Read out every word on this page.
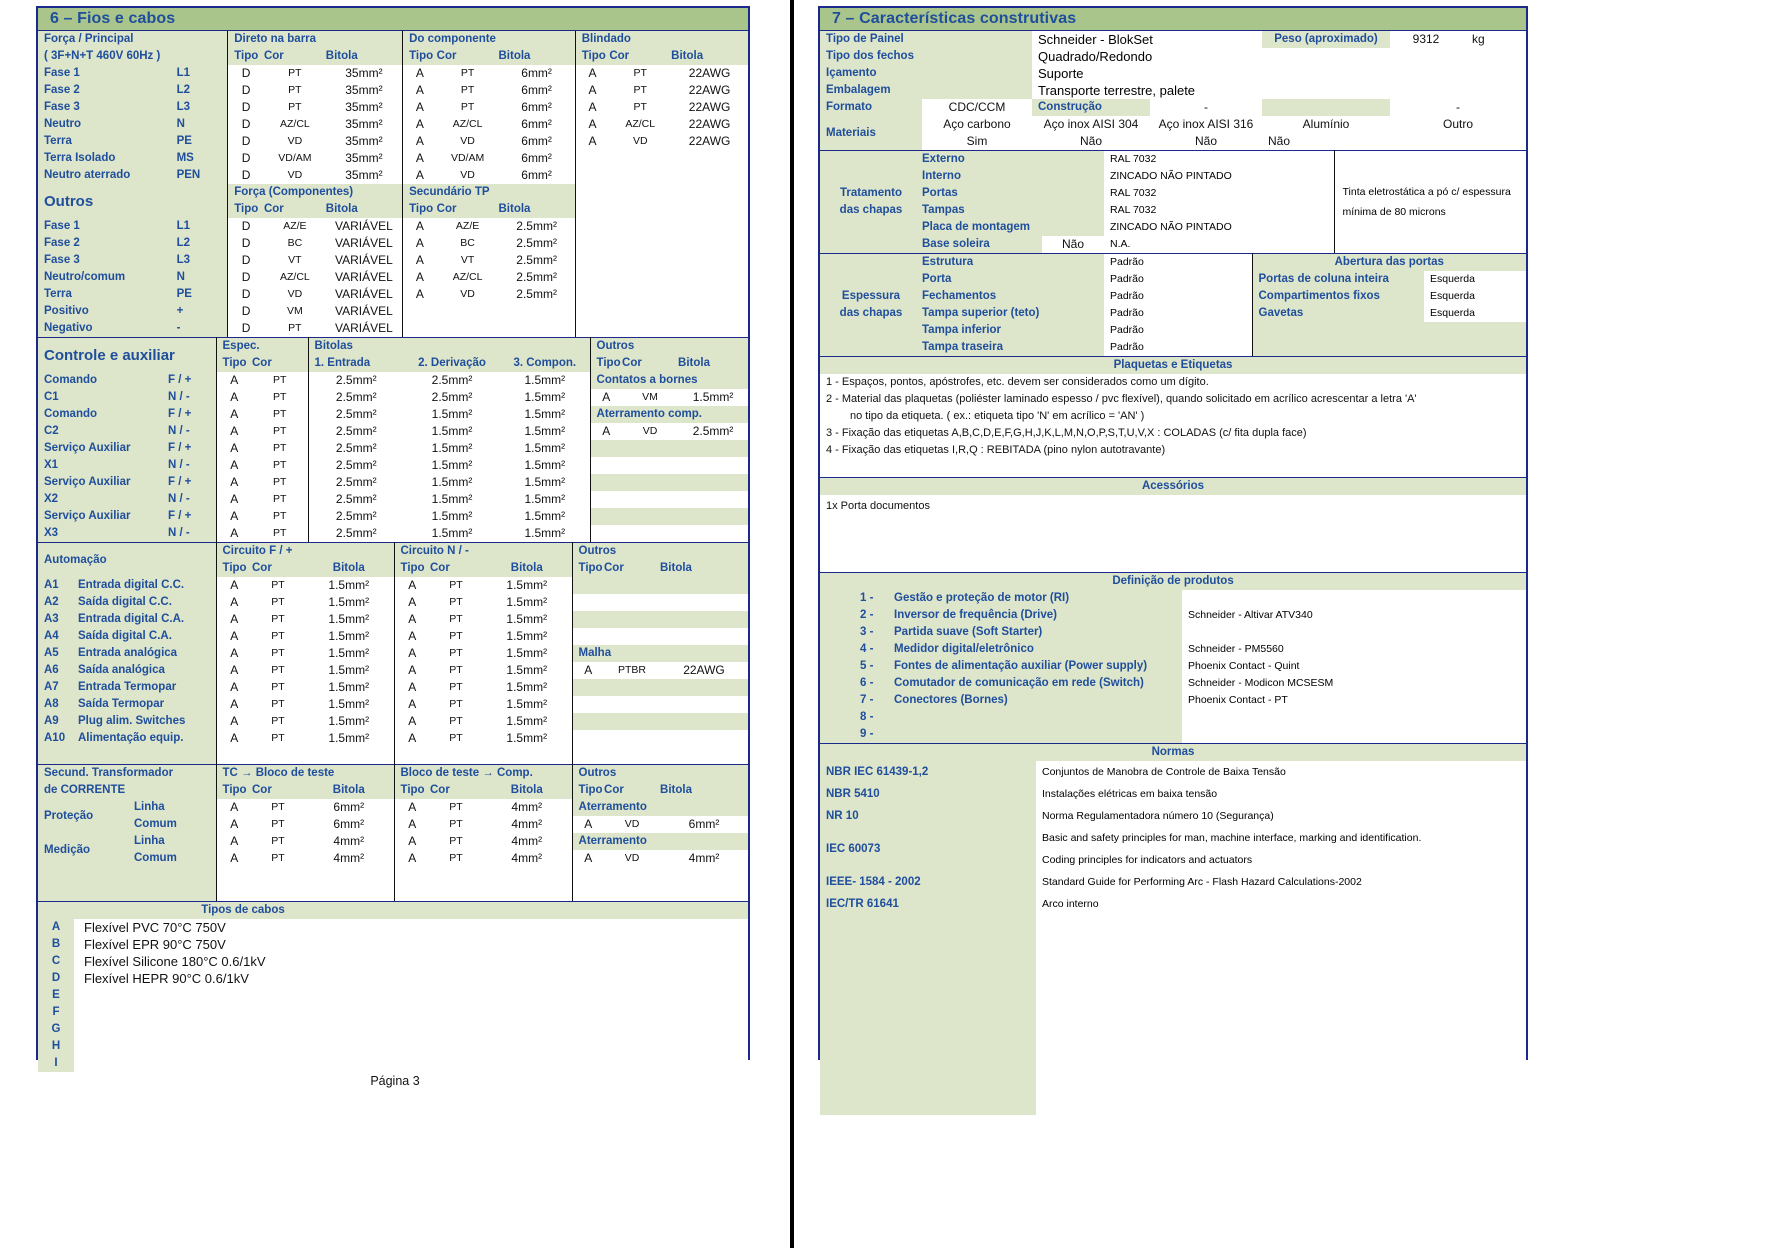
6 – Fios e cabos
Força / Principal		Direto na barra			Do componente			Blindado		
( 3F+N+T 460V 60Hz )		Tipo	Cor	Bitola	Tipo	Cor	Bitola	Tipo	Cor	Bitola
Fase 1	L1	D	PT	35mm²	A	PT	6mm²	A	PT	22AWG
Fase 2	L2	D	PT	35mm²	A	PT	6mm²	A	PT	22AWG
Fase 3	L3	D	PT	35mm²	A	PT	6mm²	A	PT	22AWG
Neutro	N	D	AZ/CL	35mm²	A	AZ/CL	6mm²	A	AZ/CL	22AWG
Terra	PE	D	VD	35mm²	A	VD	6mm²	A	VD	22AWG
Terra Isolado	MS	D	VD/AM	35mm²	A	VD/AM	6mm²			
Neutro aterrado	PEN	D	VD	35mm²	A	VD	6mm²			
Outros		Força (Componentes)			Secundário TP			
		Tipo	Cor	Bitola	Tipo	Cor	Bitola	
Fase 1	L1	D	AZ/E	VARIÁVEL	A	AZ/E	2.5mm²	
Fase 2	L2	D	BC	VARIÁVEL	A	BC	2.5mm²	
Fase 3	L3	D	VT	VARIÁVEL	A	VT	2.5mm²	
Neutro/comum	N	D	AZ/CL	VARIÁVEL	A	AZ/CL	2.5mm²	
Terra	PE	D	VD	VARIÁVEL	A	VD	2.5mm²	
Positivo	+	D	VM	VARIÁVEL				
Negativo	-	D	PT	VARIÁVEL				
Controle e auxiliar		Espec.		Bitolas			Outros		
		Tipo	Cor	1. Entrada	2. Derivação	3. Compon.	Tipo	Cor	Bitola
Comando	F / +	A	PT	2.5mm²	2.5mm²	1.5mm²	Contatos a bornes		
C1	N / -	A	PT	2.5mm²	2.5mm²	1.5mm²	A	VM	1.5mm²
Comando	F / +	A	PT	2.5mm²	1.5mm²	1.5mm²	Aterramento comp.		
C2	N / -	A	PT	2.5mm²	1.5mm²	1.5mm²	A	VD	2.5mm²
Serviço Auxiliar	F / +	A	PT	2.5mm²	1.5mm²	1.5mm²			
X1	N / -	A	PT	2.5mm²	1.5mm²	1.5mm²			
Serviço Auxiliar	F / +	A	PT	2.5mm²	1.5mm²	1.5mm²			
X2	N / -	A	PT	2.5mm²	1.5mm²	1.5mm²			
Serviço Auxiliar	F / +	A	PT	2.5mm²	1.5mm²	1.5mm²			
X3	N / -	A	PT	2.5mm²	1.5mm²	1.5mm²			
Automação		Circuito F / +			Circuito N / -			Outros		
		Tipo	Cor	Bitola	Tipo	Cor	Bitola	Tipo	Cor	Bitola
A1	Entrada digital C.C.	A	PT	1.5mm²	A	PT	1.5mm²			
A2	Saída digital C.C.	A	PT	1.5mm²	A	PT	1.5mm²			
A3	Entrada digital C.A.	A	PT	1.5mm²	A	PT	1.5mm²			
A4	Saída digital C.A.	A	PT	1.5mm²	A	PT	1.5mm²			
A5	Entrada analógica	A	PT	1.5mm²	A	PT	1.5mm²	Malha		
A6	Saída analógica	A	PT	1.5mm²	A	PT	1.5mm²	A	PTBR	22AWG
A7	Entrada Termopar	A	PT	1.5mm²	A	PT	1.5mm²			
A8	Saída Termopar	A	PT	1.5mm²	A	PT	1.5mm²			
A9	Plug alim. Switches	A	PT	1.5mm²	A	PT	1.5mm²			
A10	Alimentação equip.	A	PT	1.5mm²	A	PT	1.5mm²			

Secund. Transformador		TC → Bloco de teste			Bloco de teste → Comp.			Outros		
de CORRENTE		Tipo	Cor	Bitola	Tipo	Cor	Bitola	Tipo	Cor	Bitola
Proteção	Linha	A	PT	6mm²	A	PT	4mm²	Aterramento		
	Comum	A	PT	6mm²	A	PT	4mm²	A	VD	6mm²
Medição	Linha	A	PT	4mm²	A	PT	4mm²	Aterramento		
	Comum	A	PT	4mm²	A	PT	4mm²	A	VD	4mm²

Tipos de cabos	
A	Flexível PVC 70°C 750V
B	Flexível EPR 90°C 750V
C	Flexível Silicone 180°C 0.6/1kV
D	Flexível HEPR 90°C 0.6/1kV
E	
F	
G	
H	
I	
Página 3
7 – Características construtivas
Tipo de Painel		Schneider - BlokSet		Peso (aproximado)	9312	kg
Tipo dos fechos		Quadrado/Redondo				
Içamento		Suporte				
Embalagem		Transporte terrestre, palete				
Formato	CDC/CCM	Construção	-		-	
Materiais	Aço carbono	Aço inox AISI 304	Aço inox AISI 316	Alumínio	Outro	
	Sim	Não	Não	Não		
	Externo		RAL 7032	Tinta eletrostática a pó c/ espessura
mínima de 80 microns

	Interno		ZINCADO NÃO PINTADO	
Tratamento	Portas		RAL 7032	
das chapas	Tampas		RAL 7032	
	Placa de montagem		ZINCADO NÃO PINTADO	
	Base soleira	Não	N.A.	
	Estrutura	Padrão	Abertura das portas	
	Porta	Padrão	Portas de coluna inteira	Esquerda
Espessura	Fechamentos	Padrão	Compartimentos fixos	Esquerda
das chapas	Tampa superior (teto)	Padrão	Gavetas	Esquerda
	Tampa inferior	Padrão		
	Tampa traseira	Padrão		
Plaquetas e Etiquetas
1 - Espaços, pontos, apóstrofes, etc. devem ser considerados como um dígito.
2 - Material das plaquetas (poliéster laminado espesso / pvc flexível), quando solicitado em acrílico acrescentar a letra 'A'
no tipo da etiqueta. ( ex.: etiqueta tipo 'N' em acrílico = 'AN' )
3 - Fixação das etiquetas A,B,C,D,E,F,G,H,J,K,L,M,N,O,P,S,T,U,V,X : COLADAS (c/ fita dupla face)
4 - Fixação das etiquetas I,R,Q : REBITADA (pino nylon autotravante)

Acessórios
1x Porta documentos

Definição de produtos			
	1 -	Gestão e proteção de motor (RI)	
	2 -	Inversor de frequência (Drive)	Schneider - Altivar ATV340
	3 -	Partida suave (Soft Starter)	
	4 -	Medidor digital/eletrônico	Schneider - PM5560
	5 -	Fontes de alimentação auxiliar (Power supply)	Phoenix Contact - Quint
	6 -	Comutador de comunicação em rede (Switch)	Schneider - Modicon MCSESM
	7 -	Conectores (Bornes)	Phoenix Contact - PT
	8 -		
	9 -		
Normas	
NBR IEC 61439-1,2	Conjuntos de Manobra de Controle de Baixa Tensão
NBR 5410	Instalações elétricas em baixa tensão
NR 10	Norma Regulamentadora número 10 (Segurança)
IEC 60073	Basic and safety principles for man, machine interface, marking and identification.
	Coding principles for indicators and actuators
IEEE- 1584 - 2002	Standard Guide for Performing Arc - Flash Hazard Calculations-2002
IEC/TR 61641	Arco interno
